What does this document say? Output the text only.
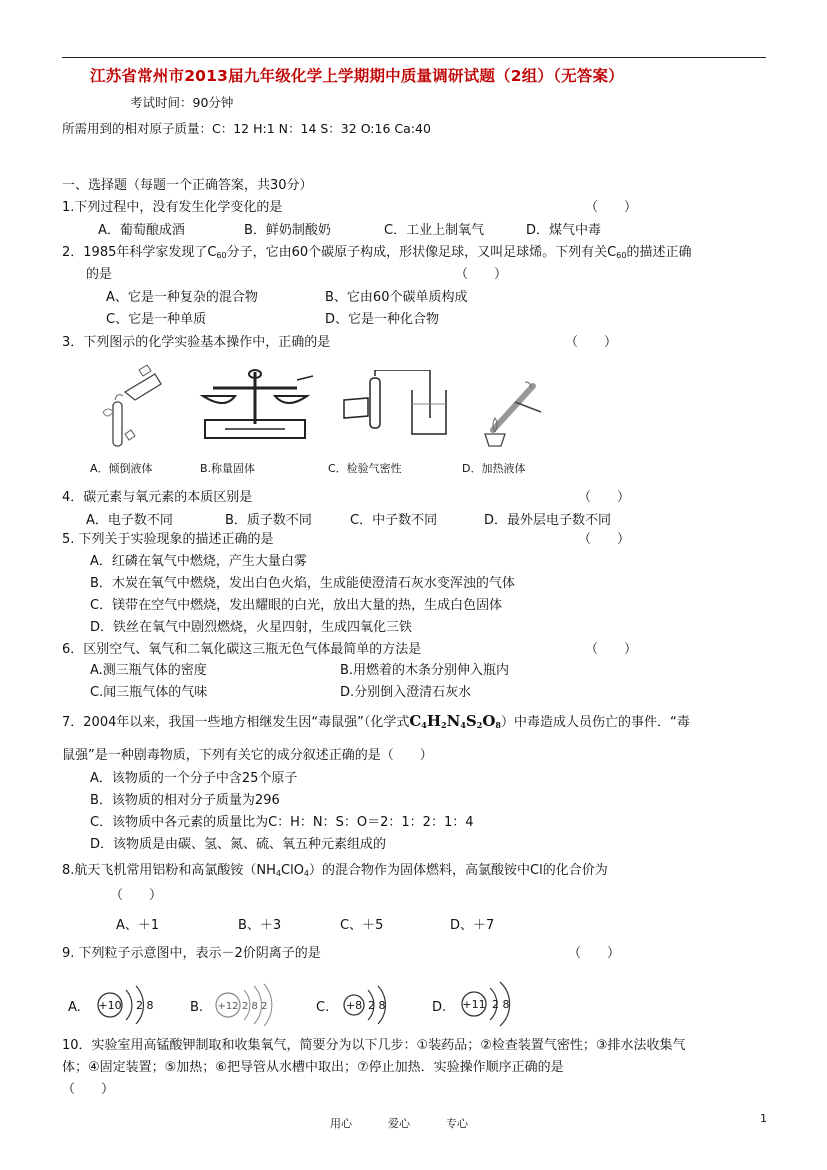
江苏省常州市2013届九年级化学上学期期中质量调研试题（2组）（无答案）
考试时间：90分钟
所需用到的相对原子质量：C：12 H:1 N：14 S：32 O:16 Ca:40
一、选择题（每题一个正确答案，共30分）
1.下列过程中，没有发生化学变化的是	（　　）
A．葡萄酿成酒	B．鲜奶制酸奶	C．工业上制氧气	D．煤气中毒
2．1985年科学家发现了$C_{60}$分子，它由60个碳原子构成，形状像足球，又叫足球烯。下列有关$C_{60}$的描述正确
的是	（　　）
A、它是一种复杂的混合物	B、它由60个碳单质构成
C、它是一种单质	D、它是一种化合物
3．下列图示的化学实验基本操作中，正确的是	（　　）
A．倾倒液体	B.称量固体	C．检验气密性	D．加热液体
4．碳元素与氧元素的本质区别是	（　　）
A．电子数不同	B．质子数不同	C．中子数不同	D．最外层电子数不同
5. 下列关于实验现象的描述正确的是	（　　）
A．红磷在氧气中燃烧，产生大量白雾
B．木炭在氧气中燃烧，发出白色火焰，生成能使澄清石灰水变浑浊的气体
C．镁带在空气中燃烧，发出耀眼的白光，放出大量的热，生成白色固体
D．铁丝在氧气中剧烈燃烧，火星四射，生成四氧化三铁
6．区别空气、氧气和二氧化碳这三瓶无色气体最简单的方法是	（　　）
A.测三瓶气体的密度	B.用燃着的木条分别伸入瓶内
C.闻三瓶气体的气味	D.分别倒入澄清石灰水
7．2004年以来，我国一些地方相继发生因“毒鼠强”（化学式$C_4H_2N_4S_2O_8$）中毒造成人员伤亡的事件．“毒
鼠强”是一种剧毒物质，下列有关它的成分叙述正确的是（　　）
A．该物质的一个分子中含25个原子
B．该物质的相对分子质量为296
C．该物质中各元素的质量比为C：H：N：S：O＝2：1：2：1：4
D．该物质是由碳、氢、氮、硫、氧五种元素组成的
8.航天飞机常用铝粉和高氯酸铵$(NH_4ClO_4)$的混合物作为固体燃料，高氯酸铵中Cl的化合价为
（　　）
A、＋1	B、＋3	C、＋5	D、＋7
9. 下列粒子示意图中，表示－2价阴离子的是	（　　）
A. +10 2 8	B. +12 2 8 2	C. +8 2 8	D. +11 2 8
10．实验室用高锰酸钾制取和收集氧气，简要分为以下几步：①装药品；②检查装置气密性；③排水法收集气
体；④固定装置；⑤加热；⑥把导管从水槽中取出；⑦停止加热．实验操作顺序正确的是
（　　）
用心	爱心	专心	1
